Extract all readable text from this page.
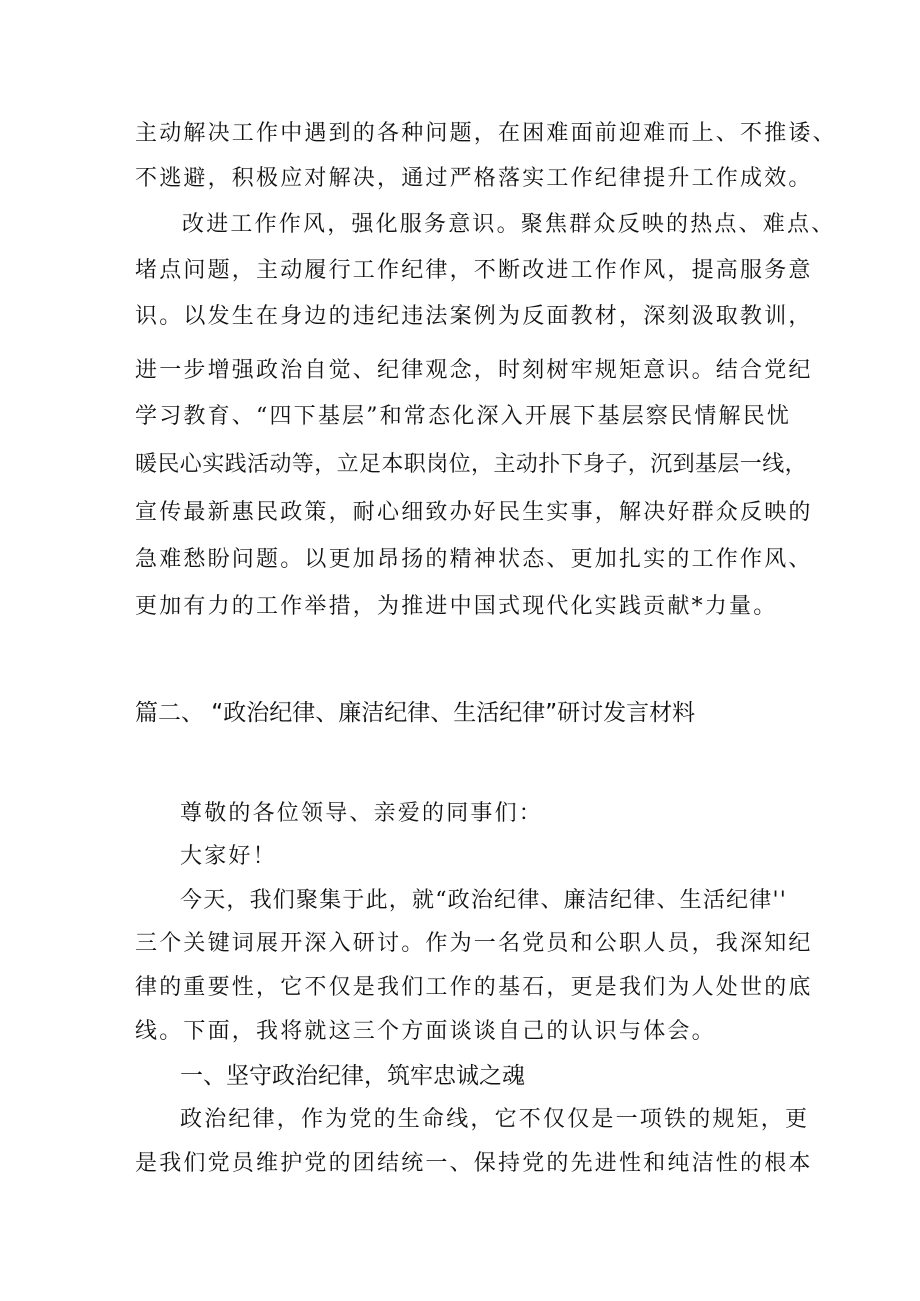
主动解决工作中遇到的各种问题，在困难面前迎难而上、不推诿、
不逃避，积极应对解决，通过严格落实工作纪律提升工作成效。
改进工作作风，强化服务意识。聚焦群众反映的热点、难点、
堵点问题，主动履行工作纪律，不断改进工作作风，提高服务意
识。以发生在身边的违纪违法案例为反面教材，深刻汲取教训，
进一步增强政治自觉、纪律观念，时刻树牢规矩意识。结合党纪
学习教育、“四下基层”和常态化深入开展下基层察民情解民忧
暖民心实践活动等，立足本职岗位，主动扑下身子，沉到基层一线，
宣传最新惠民政策，耐心细致办好民生实事，解决好群众反映的
急难愁盼问题。以更加昂扬的精神状态、更加扎实的工作作风、
更加有力的工作举措，为推进中国式现代化实践贡献*力量。
篇二、 “政治纪律、廉洁纪律、生活纪律”研讨发言材料
尊敬的各位领导、亲爱的同事们：
大家好！
今天，我们聚集于此，就“政治纪律、廉洁纪律、生活纪律''
三个关键词展开深入研讨。作为一名党员和公职人员，我深知纪
律的重要性，它不仅是我们工作的基石，更是我们为人处世的底
线。下面，我将就这三个方面谈谈自己的认识与体会。
一、坚守政治纪律，筑牢忠诚之魂
政治纪律，作为党的生命线，它不仅仅是一项铁的规矩，更
是我们党员维护党的团结统一、保持党的先进性和纯洁性的根本
